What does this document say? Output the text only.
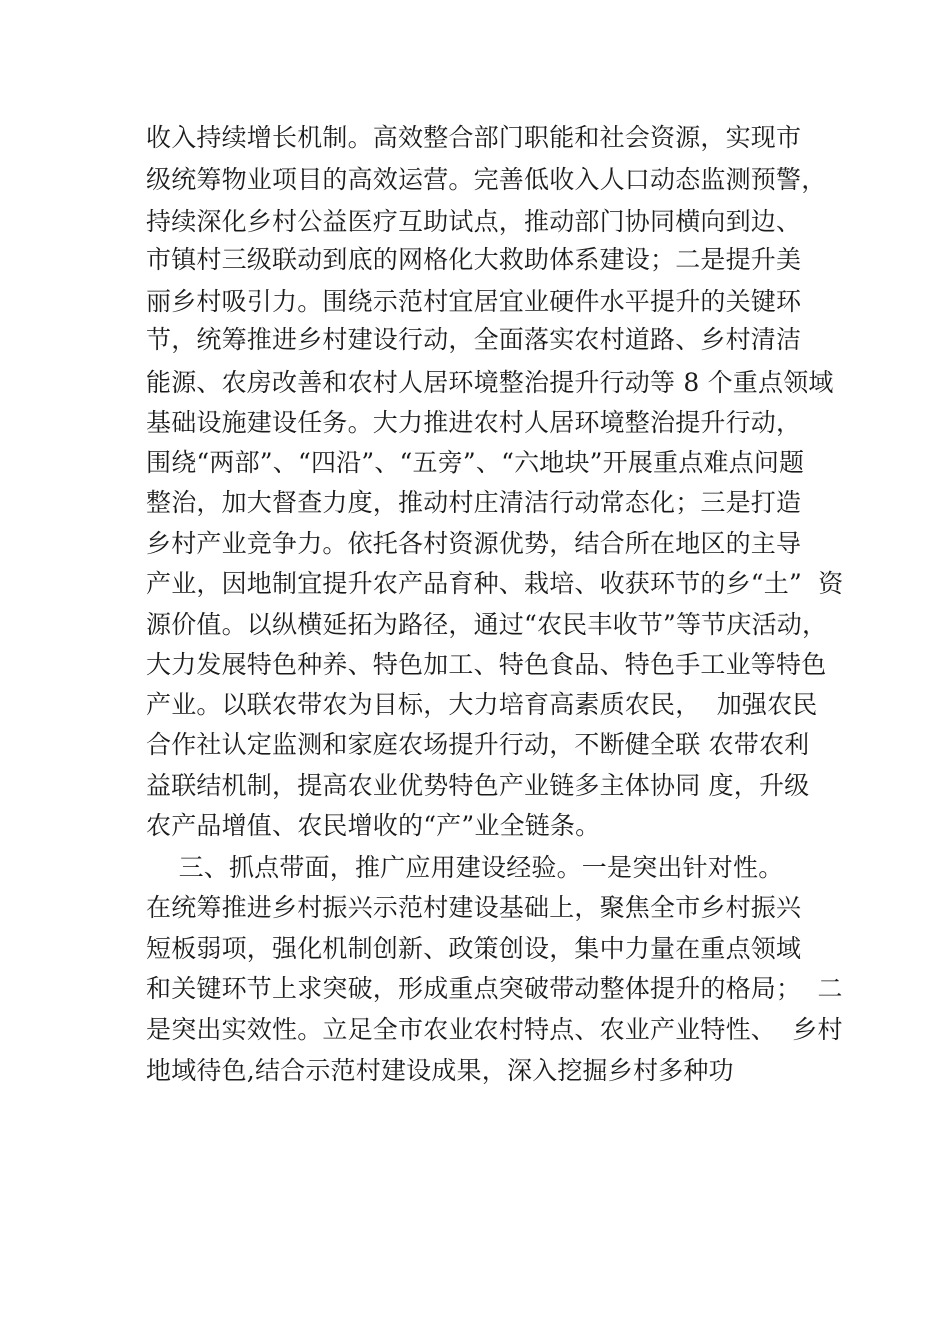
收入持续增长机制。高效整合部门职能和社会资源，实现市
级统筹物业项目的高效运营。完善低收入人口动态监测预警，
持续深化乡村公益医疗互助试点，推动部门协同横向到边、
市镇村三级联动到底的网格化大救助体系建设；二是提升美
丽乡村吸引力。围绕示范村宜居宜业硬件水平提升的关键环
节，统筹推进乡村建设行动，全面落实农村道路、乡村清洁
能源、农房改善和农村人居环境整治提升行动等 8 个重点领域
基础设施建设任务。大力推进农村人居环境整治提升行动，
围绕“两部”、“四沿”、“五旁”、“六地块”开展重点难点问题
整治，加大督查力度，推动村庄清洁行动常态化；三是打造
乡村产业竞争力。依托各村资源优势，结合所在地区的主导
产业，因地制宜提升农产品育种、栽培、收获环节的乡“土”  资
源价值。以纵横延拓为路径，通过“农民丰收节”等节庆活动，
大力发展特色种养、特色加工、特色食品、特色手工业等特色
产业。以联农带农为目标，大力培育高素质农民，  加强农民
合作社认定监测和家庭农场提升行动，不断健全联 农带农利
益联结机制，提高农业优势特色产业链多主体协同 度，升级
农产品增值、农民增收的“产”业全链条。
三、抓点带面，推广应用建设经验。一是突出针对性。
在统筹推进乡村振兴示范村建设基础上，聚焦全市乡村振兴
短板弱项，强化机制创新、政策创设，集中力量在重点领域
和关键环节上求突破，形成重点突破带动整体提升的格局；  二
是突出实效性。立足全市农业农村特点、农业产业特性、  乡村
地域待色,结合示范村建设成果，深入挖掘乡村多种功
